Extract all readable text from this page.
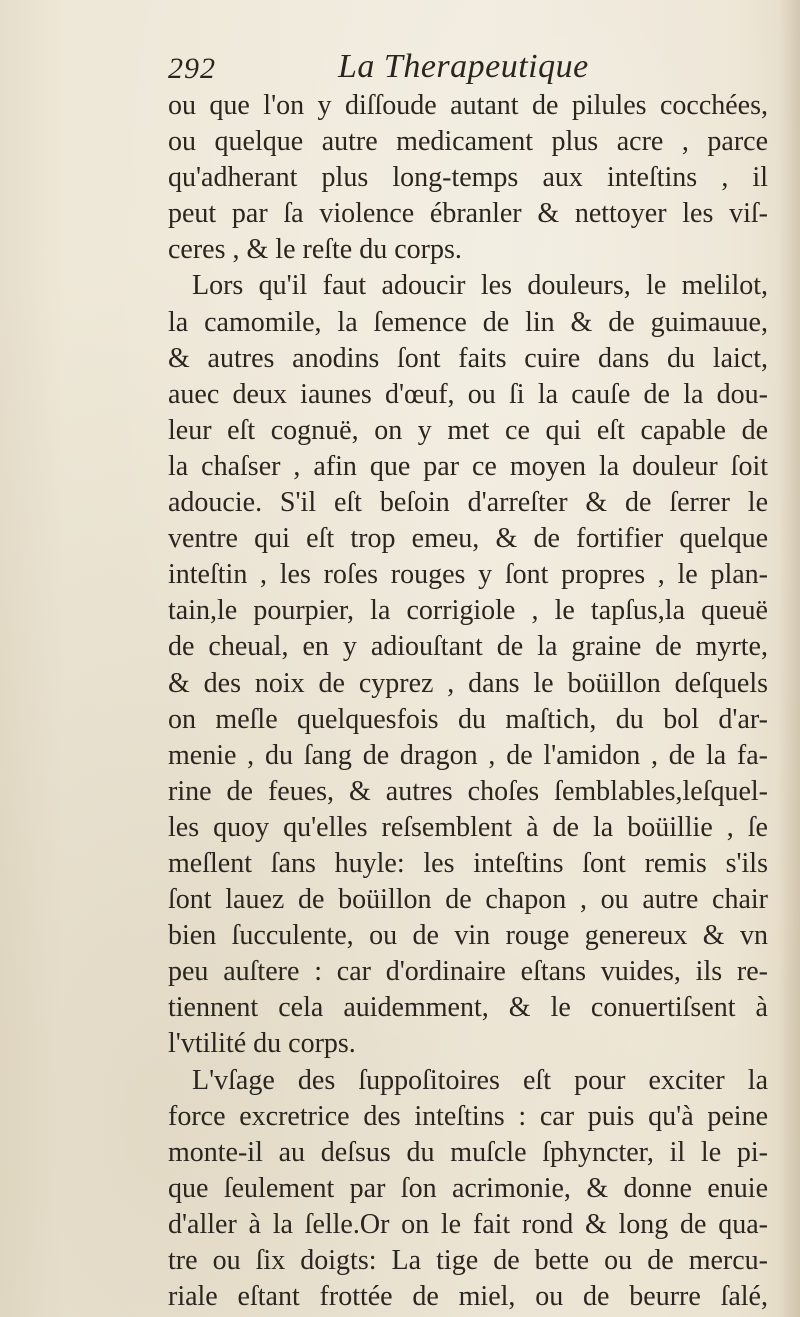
292	La Therapeutique
ou que l'on y diſſoude autant de pilules cocchées,
ou quelque autre medicament plus acre , parce
qu'adherant plus long-temps aux inteſtins , il
peut par ſa violence ébranler & nettoyer les viſ-
ceres , & le reſte du corps.
Lors qu'il faut adoucir les douleurs, le melilot,
la camomile, la ſemence de lin & de guimauue,
& autres anodins ſont faits cuire dans du laict,
auec deux iaunes d'œuf, ou ſi la cauſe de la dou-
leur eſt cognuë, on y met ce qui eſt capable de
la chaſser , afin que par ce moyen la douleur ſoit
adoucie. S'il eſt beſoin d'arreſter & de ſerrer le
ventre qui eſt trop emeu, & de fortifier quelque
inteſtin , les roſes rouges y ſont propres , le plan-
tain,le pourpier, la corrigiole , le tapſus,la queuë
de cheual, en y adiouſtant de la graine de myrte,
& des noix de cyprez , dans le boüillon deſquels
on meſle quelquesfois du maſtich, du bol d'ar-
menie , du ſang de dragon , de l'amidon , de la fa-
rine de feues, & autres choſes ſemblables,leſquel-
les quoy qu'elles reſsemblent à de la boüillie , ſe
meſlent ſans huyle: les inteſtins ſont remis s'ils
ſont lauez de boüillon de chapon , ou autre chair
bien ſucculente, ou de vin rouge genereux & vn
peu auſtere : car d'ordinaire eſtans vuides, ils re-
tiennent cela auidemment, & le conuertiſsent à
l'vtilité du corps.
L'vſage des ſuppoſitoires eſt pour exciter la
force excretrice des inteſtins : car puis qu'à peine
monte-il au deſsus du muſcle ſphyncter, il le pi-
que ſeulement par ſon acrimonie, & donne enuie
d'aller à la ſelle.Or on le fait rond & long de qua-
tre ou ſix doigts: La tige de bette ou de mercu-
riale eſtant frottée de miel, ou de beurre ſalé,
